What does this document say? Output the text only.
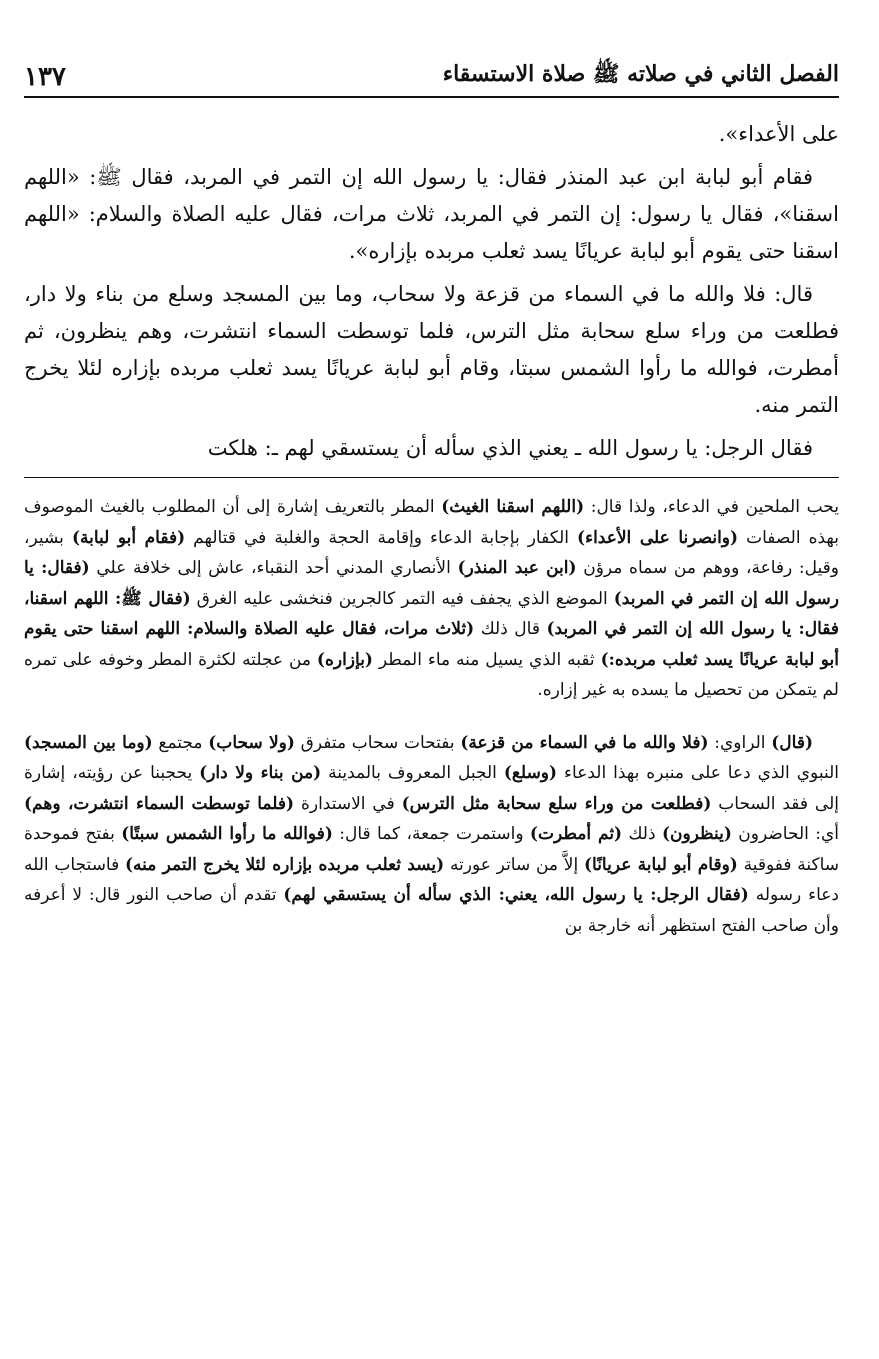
الفصل الثاني في صلاته ﷺ صلاة الاستسقاء
١٣٧

على الأعداء».

فقام أبو لبابة ابن عبد المنذر فقال: يا رسول الله إن التمر في المربد، فقال ﷺ: «اللهم اسقنا»، فقال يا رسول: إن التمر في المربد، ثلاث مرات، فقال عليه الصلاة والسلام: «اللهم اسقنا حتى يقوم أبو لبابة عريانًا يسد ثعلب مربده بإزاره».

قال: فلا والله ما في السماء من قزعة ولا سحاب، وما بين المسجد وسلع من بناء ولا دار، فطلعت من وراء سلع سحابة مثل الترس، فلما توسطت السماء انتشرت، وهم ينظرون، ثم أمطرت، فوالله ما رأوا الشمس سبتا، وقام أبو لبابة عريانًا يسد ثعلب مربده بإزاره لئلا يخرج التمر منه.

فقال الرجل: يا رسول الله ـ يعني الذي سأله أن يستسقي لهم ـ: هلكت

يحب الملحين في الدعاء، ولذا قال: (اللهم اسقنا الغيث) المطر بالتعريف إشارة إلى أن المطلوب بالغيث الموصوف بهذه الصفات (وانصرنا على الأعداء) الكفار بإجابة الدعاء وإقامة الحجة والغلبة في قتالهم (فقام أبو لبابة) بشير، وقيل: رفاعة، ووهم من سماه مرؤن (ابن عبد المنذر) الأنصاري المدني أحد النقباء، عاش إلى خلافة علي (فقال: يا رسول الله إن التمر في المربد) الموضع الذي يجفف فيه التمر كالجرين فنخشى عليه الغرق (فقال ﷺ: اللهم اسقنا، فقال: يا رسول الله إن التمر في المربد) قال ذلك (ثلاث مرات، فقال عليه الصلاة والسلام: اللهم اسقنا حتى يقوم أبو لبابة عريانًا يسد ثعلب مربده:) ثقبه الذي يسيل منه ماء المطر (بإزاره) من عجلته لكثرة المطر وخوفه على تمره لم يتمكن من تحصيل ما يسده به غير إزاره.

(قال) الراوي: (فلا والله ما في السماء من قزعة) بفتحات سحاب متفرق (ولا سحاب) مجتمع (وما بين المسجد) النبوي الذي دعا على منبره بهذا الدعاء (وسلع) الجبل المعروف بالمدينة (من بناء ولا دار) يحجبنا عن رؤيته، إشارة إلى فقد السحاب (فطلعت من وراء سلع سحابة مثل الترس) في الاستدارة (فلما توسطت السماء انتشرت، وهم) أي: الحاضرون (ينظرون) ذلك (ثم أمطرت) واستمرت جمعة، كما قال: (فوالله ما رأوا الشمس سبتًا) بفتح فموحدة ساكنة ففوقية (وقام أبو لبابة عريانًا) إلاَّ من ساتر عورته (يسد ثعلب مربده بإزاره لئلا يخرج التمر منه) فاستجاب الله دعاء رسوله (فقال الرجل: يا رسول الله، يعني: الذي سأله أن يستسقي لهم) تقدم أن صاحب النور قال: لا أعرفه وأن صاحب الفتح استظهر أنه خارجة بن
